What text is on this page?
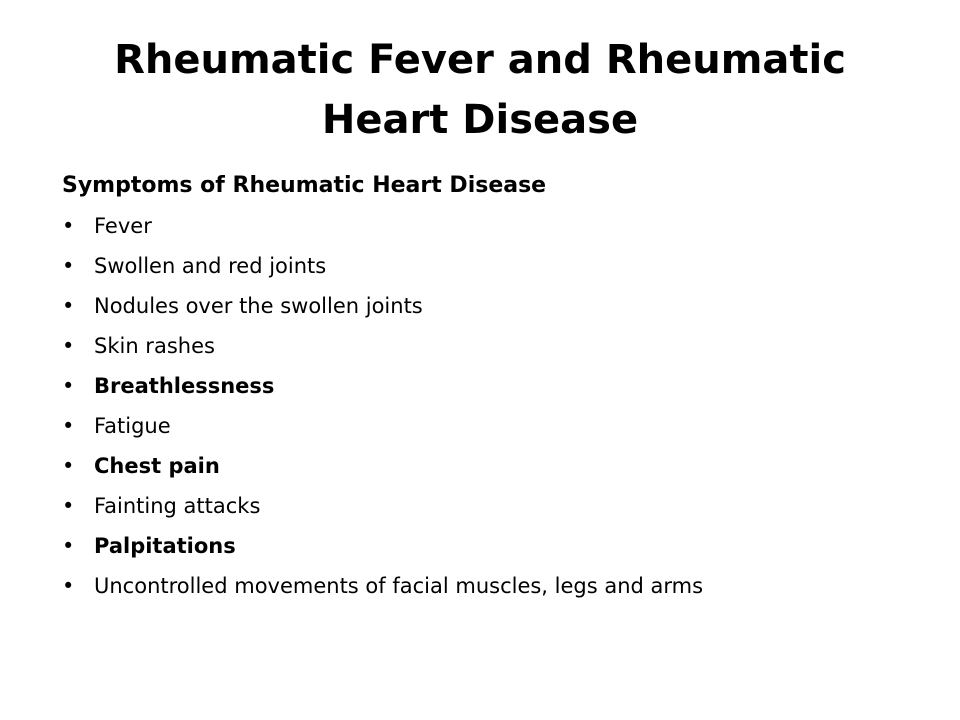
Rheumatic Fever and Rheumatic
Heart Disease

Symptoms of Rheumatic Heart Disease

• Fever
• Swollen and red joints
• Nodules over the swollen joints
• Skin rashes
• Breathlessness
• Fatigue
• Chest pain
• Fainting attacks
• Palpitations
• Uncontrolled movements of facial muscles, legs and arms
